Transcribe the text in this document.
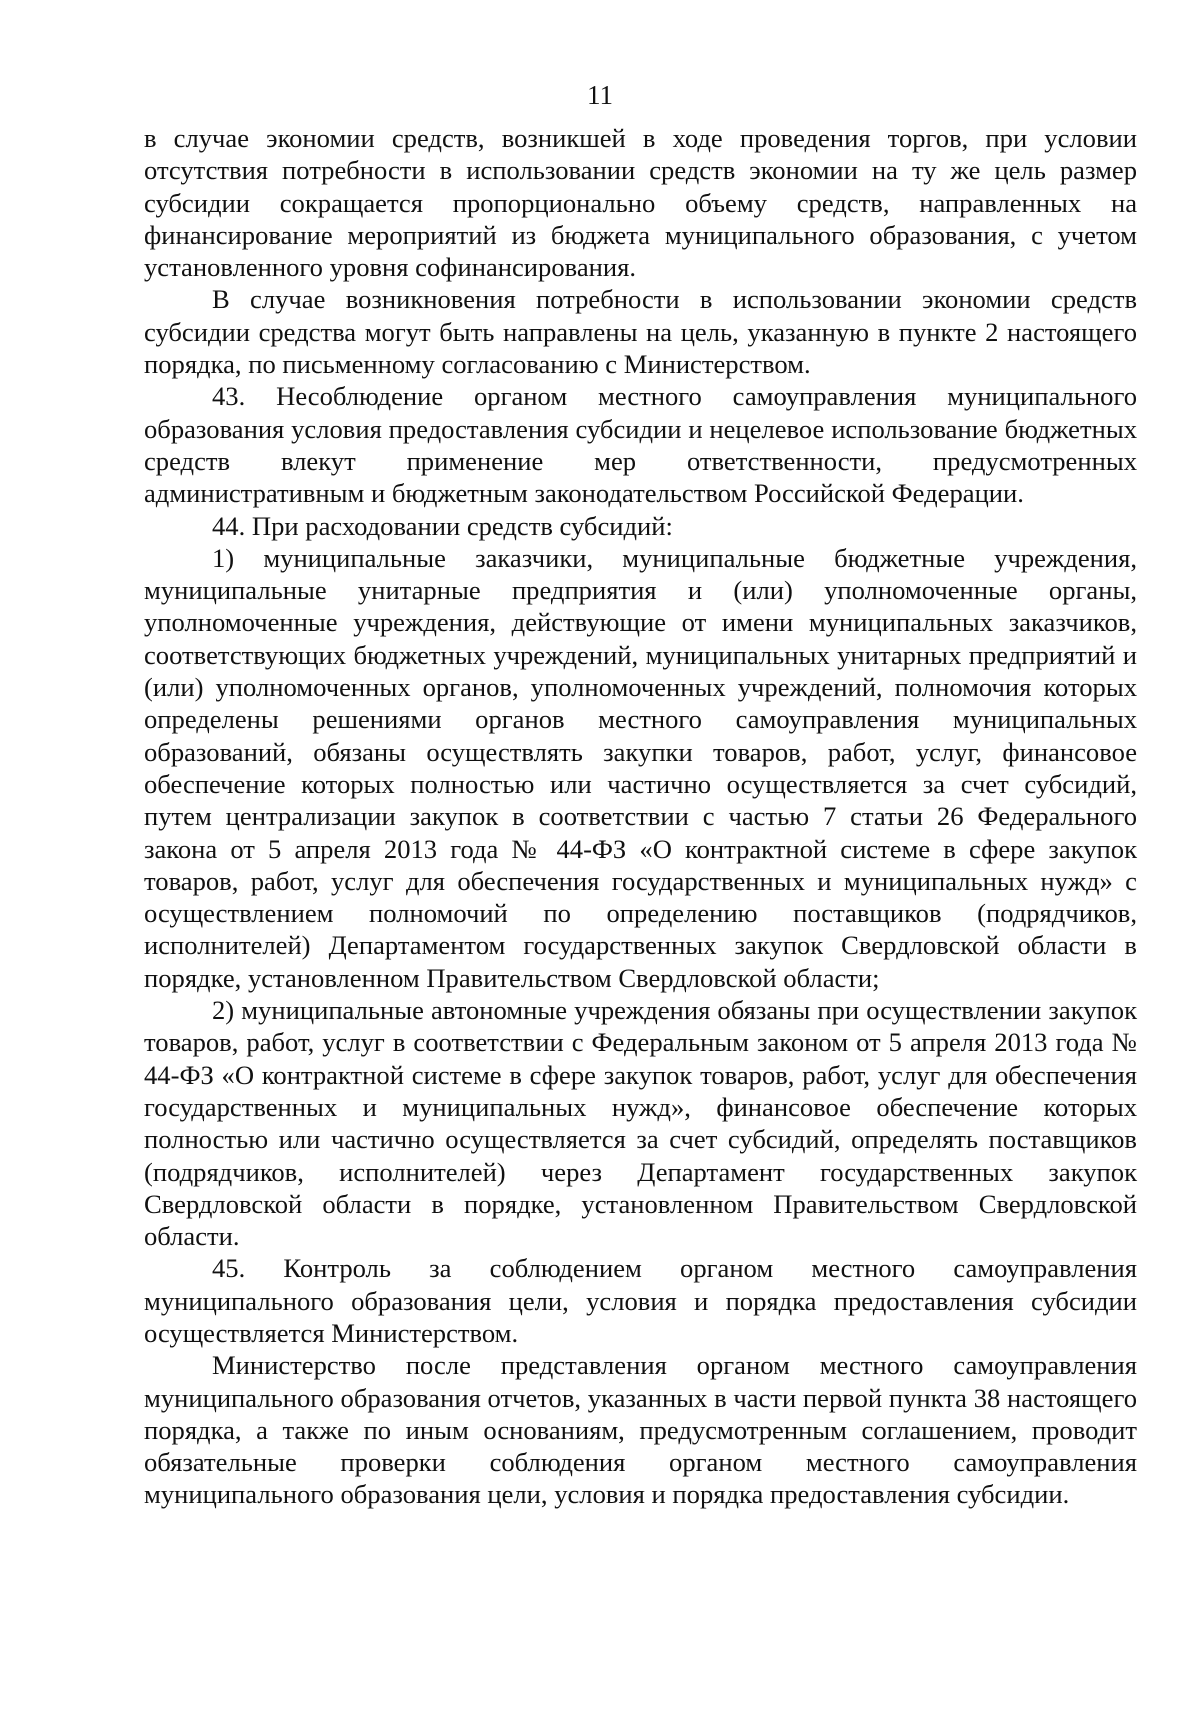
11

в случае экономии средств, возникшей в ходе проведения торгов, при условии отсутствия потребности в использовании средств экономии на ту же цель размер субсидии сокращается пропорционально объему средств, направленных на финансирование мероприятий из бюджета муниципального образования, с учетом установленного уровня софинансирования.

В случае возникновения потребности в использовании экономии средств субсидии средства могут быть направлены на цель, указанную в пункте 2 настоящего порядка, по письменному согласованию с Министерством.

43. Несоблюдение органом местного самоуправления муниципального образования условия предоставления субсидии и нецелевое использование бюджетных средств влекут применение мер ответственности, предусмотренных административным и бюджетным законодательством Российской Федерации.

44. При расходовании средств субсидий:

1) муниципальные заказчики, муниципальные бюджетные учреждения, муниципальные унитарные предприятия и (или) уполномоченные органы, уполномоченные учреждения, действующие от имени муниципальных заказчиков, соответствующих бюджетных учреждений, муниципальных унитарных предприятий и (или) уполномоченных органов, уполномоченных учреждений, полномочия которых определены решениями органов местного самоуправления муниципальных образований, обязаны осуществлять закупки товаров, работ, услуг, финансовое обеспечение которых полностью или частично осуществляется за счет субсидий, путем централизации закупок в соответствии с частью 7 статьи 26 Федерального закона от 5 апреля 2013 года № 44-ФЗ «О контрактной системе в сфере закупок товаров, работ, услуг для обеспечения государственных и муниципальных нужд» с осуществлением полномочий по определению поставщиков (подрядчиков, исполнителей) Департаментом государственных закупок Свердловской области в порядке, установленном Правительством Свердловской области;

2) муниципальные автономные учреждения обязаны при осуществлении закупок товаров, работ, услуг в соответствии с Федеральным законом от 5 апреля 2013 года № 44-ФЗ «О контрактной системе в сфере закупок товаров, работ, услуг для обеспечения государственных и муниципальных нужд», финансовое обеспечение которых полностью или частично осуществляется за счет субсидий, определять поставщиков (подрядчиков, исполнителей) через Департамент государственных закупок Свердловской области в порядке, установленном Правительством Свердловской области.

45. Контроль за соблюдением органом местного самоуправления муниципального образования цели, условия и порядка предоставления субсидии осуществляется Министерством.

Министерство после представления органом местного самоуправления муниципального образования отчетов, указанных в части первой пункта 38 настоящего порядка, а также по иным основаниям, предусмотренным соглашением, проводит обязательные проверки соблюдения органом местного самоуправления муниципального образования цели, условия и порядка предоставления субсидии.
